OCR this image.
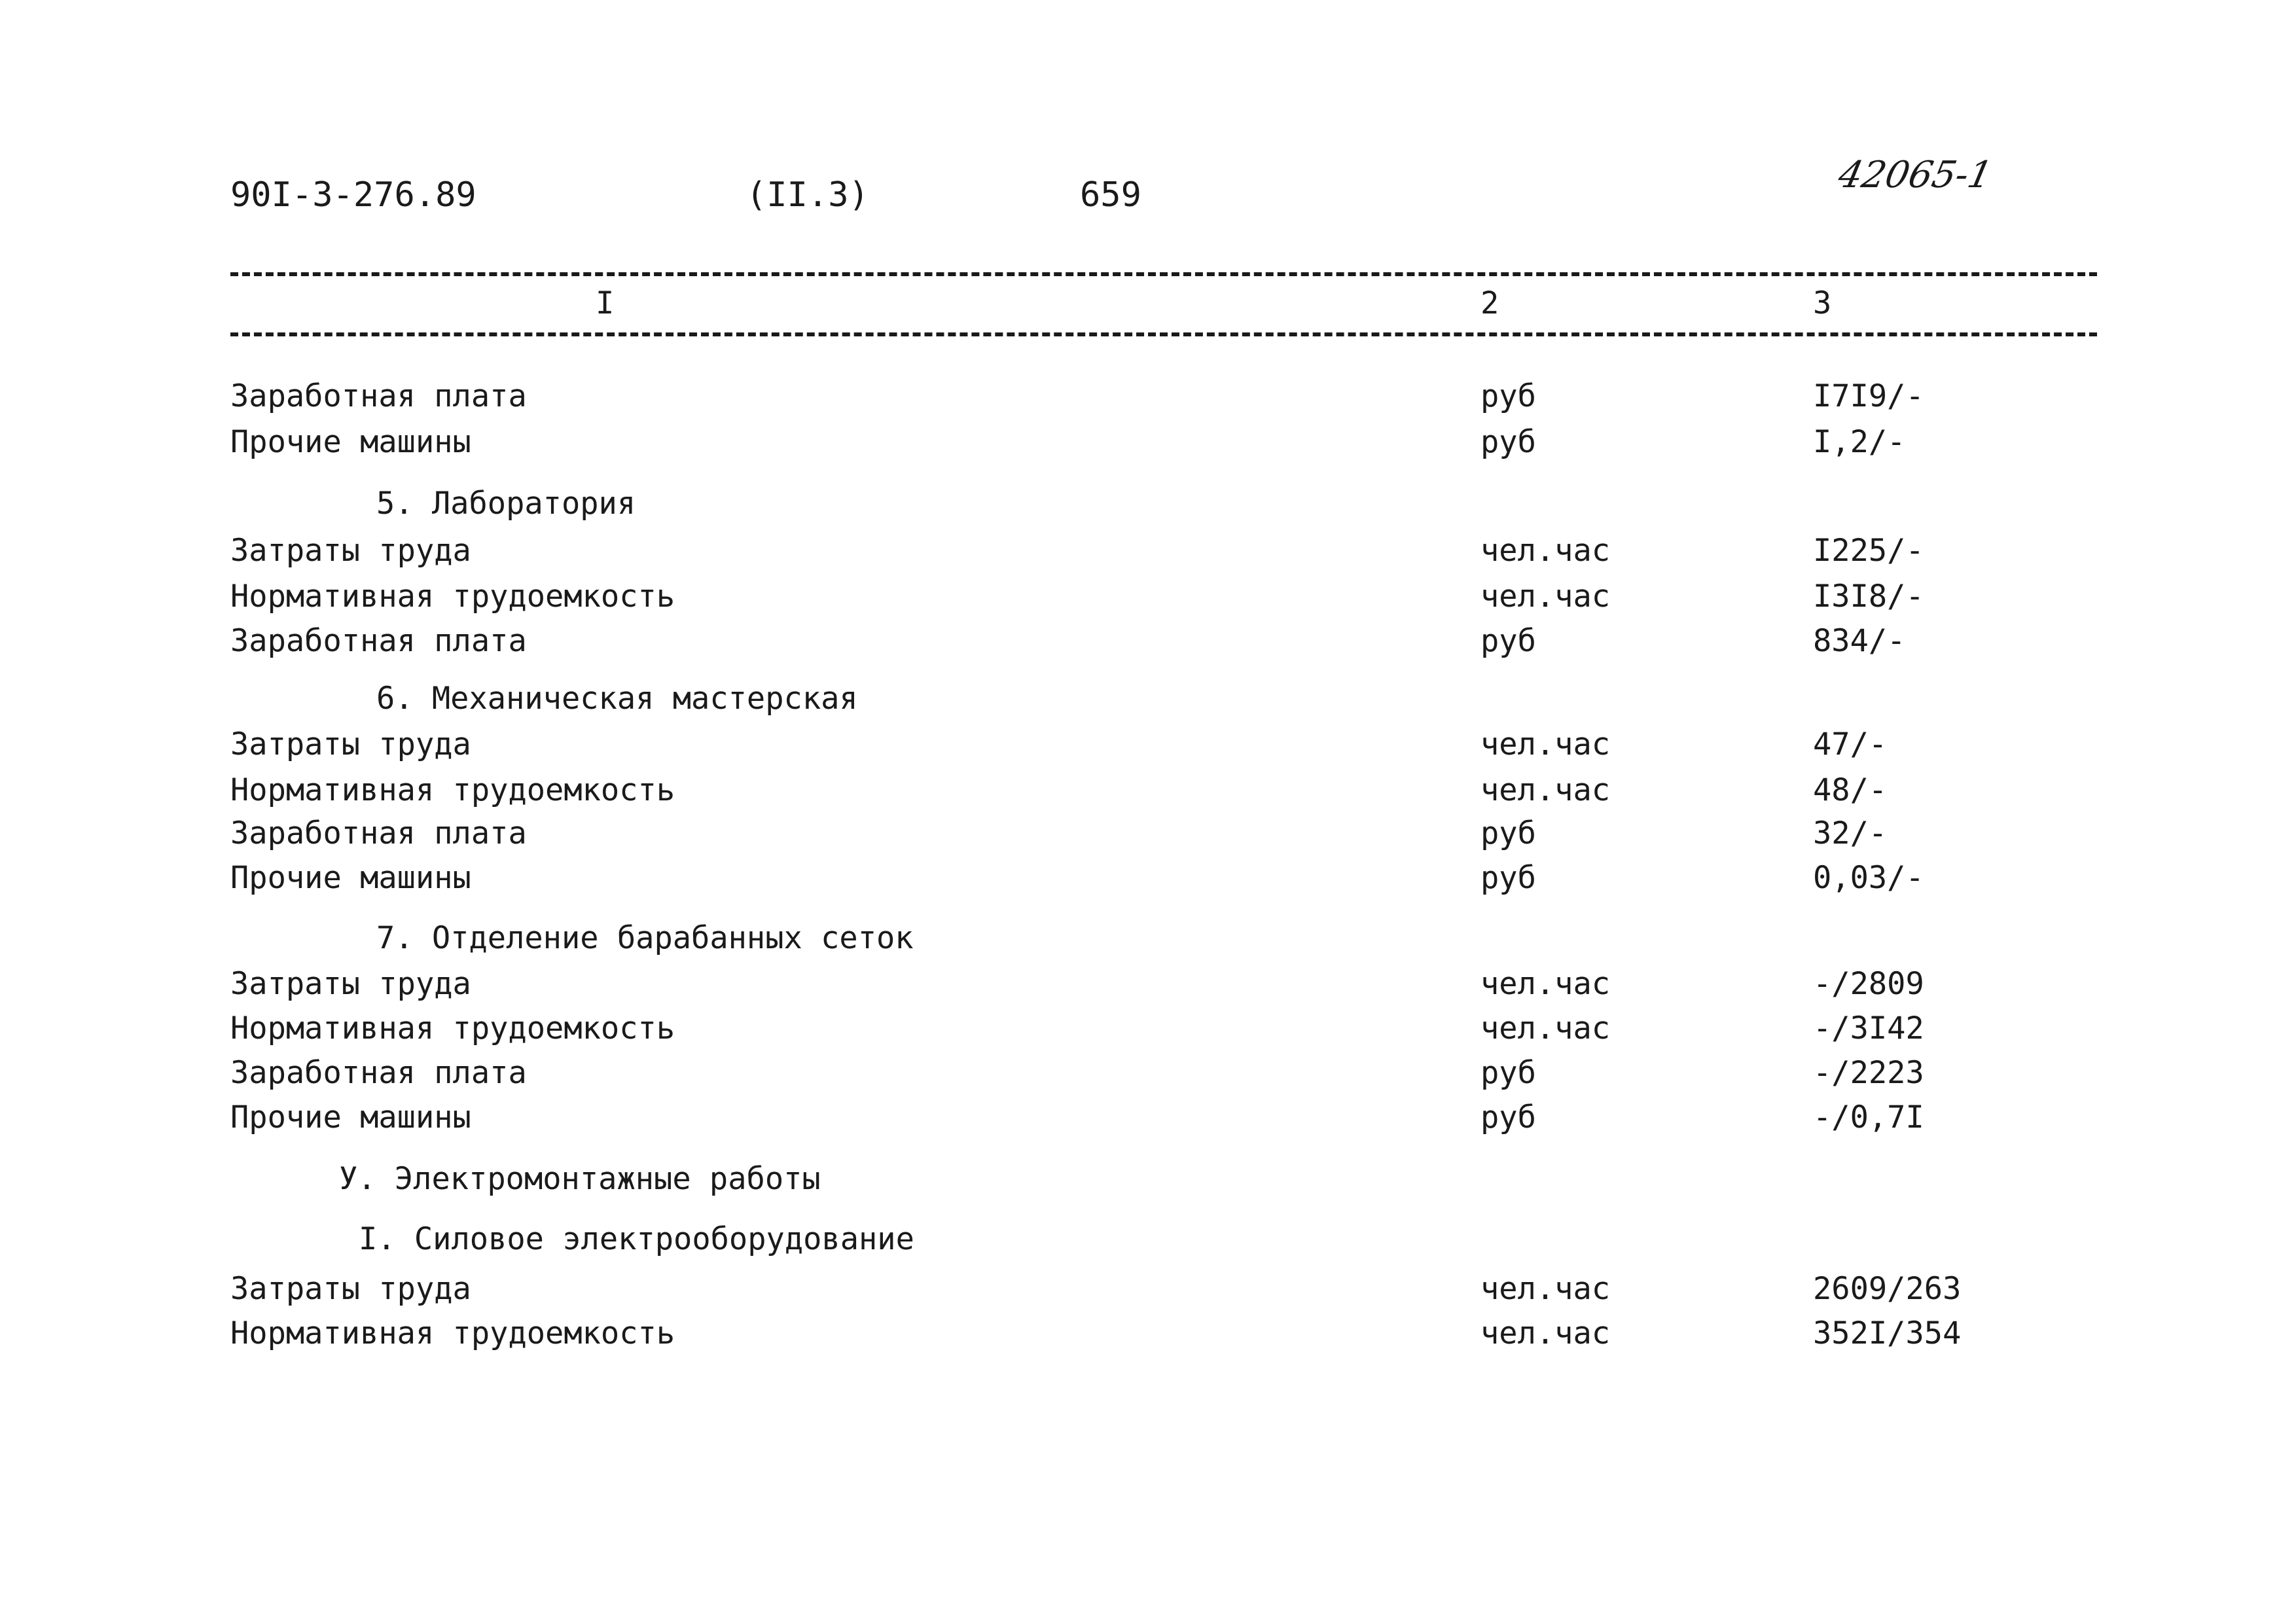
90I-3-276.89	(II.3)	659	42065-1
I	2	3
Заработная плата	руб	I7I9/-
Прочие машины	руб	I,2/-
5. Лаборатория
Затраты труда	чел.час	I225/-
Нормативная трудоемкость	чел.час	I3I8/-
Заработная плата	руб	834/-
6. Механическая мастерская
Затраты труда	чел.час	47/-
Нормативная трудоемкость	чел.час	48/-
Заработная плата	руб	32/-
Прочие машины	руб	0,03/-
7. Отделение барабанных сеток
Затраты труда	чел.час	-/2809
Нормативная трудоемкость	чел.час	-/3I42
Заработная плата	руб	-/2223
Прочие машины	руб	-/0,7I
У. Электромонтажные работы
I. Силовое электрооборудование
Затраты труда	чел.час	2609/263
Нормативная трудоемкость	чел.час	352I/354
